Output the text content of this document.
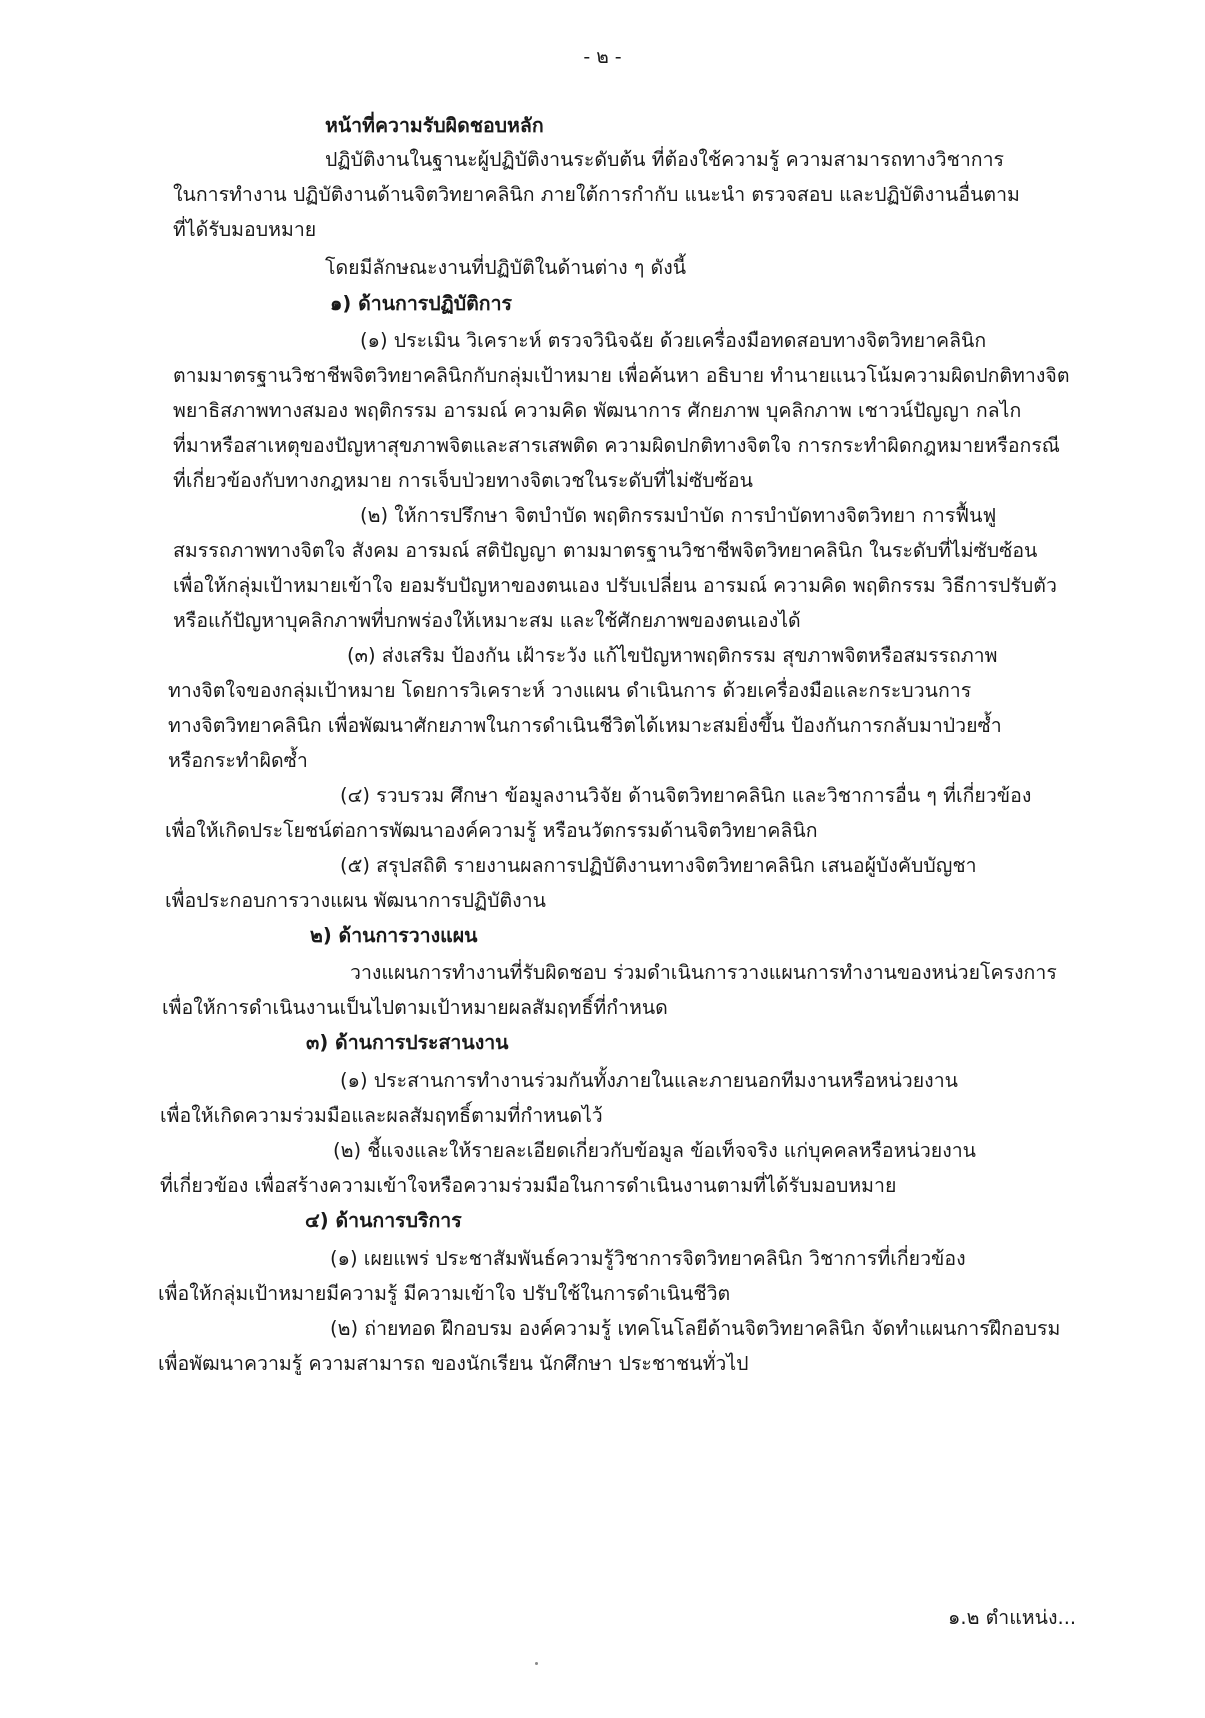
- ๒ -
หน้าที่ความรับผิดชอบหลัก
ปฏิบัติงานในฐานะผู้ปฏิบัติงานระดับต้น ที่ต้องใช้ความรู้ ความสามารถทางวิชาการ
ในการทำงาน ปฏิบัติงานด้านจิตวิทยาคลินิก ภายใต้การกำกับ แนะนำ ตรวจสอบ และปฏิบัติงานอื่นตาม
ที่ได้รับมอบหมาย
โดยมีลักษณะงานที่ปฏิบัติในด้านต่าง ๆ ดังนี้
๑) ด้านการปฏิบัติการ
(๑) ประเมิน วิเคราะห์ ตรวจวินิจฉัย ด้วยเครื่องมือทดสอบทางจิตวิทยาคลินิก
ตามมาตรฐานวิชาชีพจิตวิทยาคลินิกกับกลุ่มเป้าหมาย เพื่อค้นหา อธิบาย ทำนายแนวโน้มความผิดปกติทางจิต
พยาธิสภาพทางสมอง พฤติกรรม อารมณ์ ความคิด พัฒนาการ ศักยภาพ บุคลิกภาพ เชาวน์ปัญญา กลไก
ที่มาหรือสาเหตุของปัญหาสุขภาพจิตและสารเสพติด ความผิดปกติทางจิตใจ การกระทำผิดกฎหมายหรือกรณี
ที่เกี่ยวข้องกับทางกฎหมาย การเจ็บป่วยทางจิตเวชในระดับที่ไม่ซับซ้อน
(๒) ให้การปรึกษา จิตบำบัด พฤติกรรมบำบัด การบำบัดทางจิตวิทยา การฟื้นฟู
สมรรถภาพทางจิตใจ สังคม อารมณ์ สติปัญญา ตามมาตรฐานวิชาชีพจิตวิทยาคลินิก ในระดับที่ไม่ซับซ้อน
เพื่อให้กลุ่มเป้าหมายเข้าใจ ยอมรับปัญหาของตนเอง ปรับเปลี่ยน อารมณ์ ความคิด พฤติกรรม วิธีการปรับตัว
หรือแก้ปัญหาบุคลิกภาพที่บกพร่องให้เหมาะสม และใช้ศักยภาพของตนเองได้
(๓) ส่งเสริม ป้องกัน เฝ้าระวัง แก้ไขปัญหาพฤติกรรม สุขภาพจิตหรือสมรรถภาพ
ทางจิตใจของกลุ่มเป้าหมาย โดยการวิเคราะห์ วางแผน ดำเนินการ ด้วยเครื่องมือและกระบวนการ
ทางจิตวิทยาคลินิก เพื่อพัฒนาศักยภาพในการดำเนินชีวิตได้เหมาะสมยิ่งขึ้น ป้องกันการกลับมาป่วยซ้ำ
หรือกระทำผิดซ้ำ
(๔) รวบรวม ศึกษา ข้อมูลงานวิจัย ด้านจิตวิทยาคลินิก และวิชาการอื่น ๆ ที่เกี่ยวข้อง
เพื่อให้เกิดประโยชน์ต่อการพัฒนาองค์ความรู้ หรือนวัตกรรมด้านจิตวิทยาคลินิก
(๕) สรุปสถิติ รายงานผลการปฏิบัติงานทางจิตวิทยาคลินิก เสนอผู้บังคับบัญชา
เพื่อประกอบการวางแผน พัฒนาการปฏิบัติงาน
๒) ด้านการวางแผน
วางแผนการทำงานที่รับผิดชอบ ร่วมดำเนินการวางแผนการทำงานของหน่วยโครงการ
เพื่อให้การดำเนินงานเป็นไปตามเป้าหมายผลสัมฤทธิ์ที่กำหนด
๓) ด้านการประสานงาน
(๑) ประสานการทำงานร่วมกันทั้งภายในและภายนอกทีมงานหรือหน่วยงาน
เพื่อให้เกิดความร่วมมือและผลสัมฤทธิ์ตามที่กำหนดไว้
(๒) ชี้แจงและให้รายละเอียดเกี่ยวกับข้อมูล ข้อเท็จจริง แก่บุคคลหรือหน่วยงาน
ที่เกี่ยวข้อง เพื่อสร้างความเข้าใจหรือความร่วมมือในการดำเนินงานตามที่ได้รับมอบหมาย
๔) ด้านการบริการ
(๑) เผยแพร่ ประชาสัมพันธ์ความรู้วิชาการจิตวิทยาคลินิก วิชาการที่เกี่ยวข้อง
เพื่อให้กลุ่มเป้าหมายมีความรู้ มีความเข้าใจ ปรับใช้ในการดำเนินชีวิต
(๒) ถ่ายทอด ฝึกอบรม องค์ความรู้ เทคโนโลยีด้านจิตวิทยาคลินิก จัดทำแผนการฝึกอบรม
เพื่อพัฒนาความรู้ ความสามารถ ของนักเรียน นักศึกษา ประชาชนทั่วไป
๑.๒ ตำแหน่ง...
